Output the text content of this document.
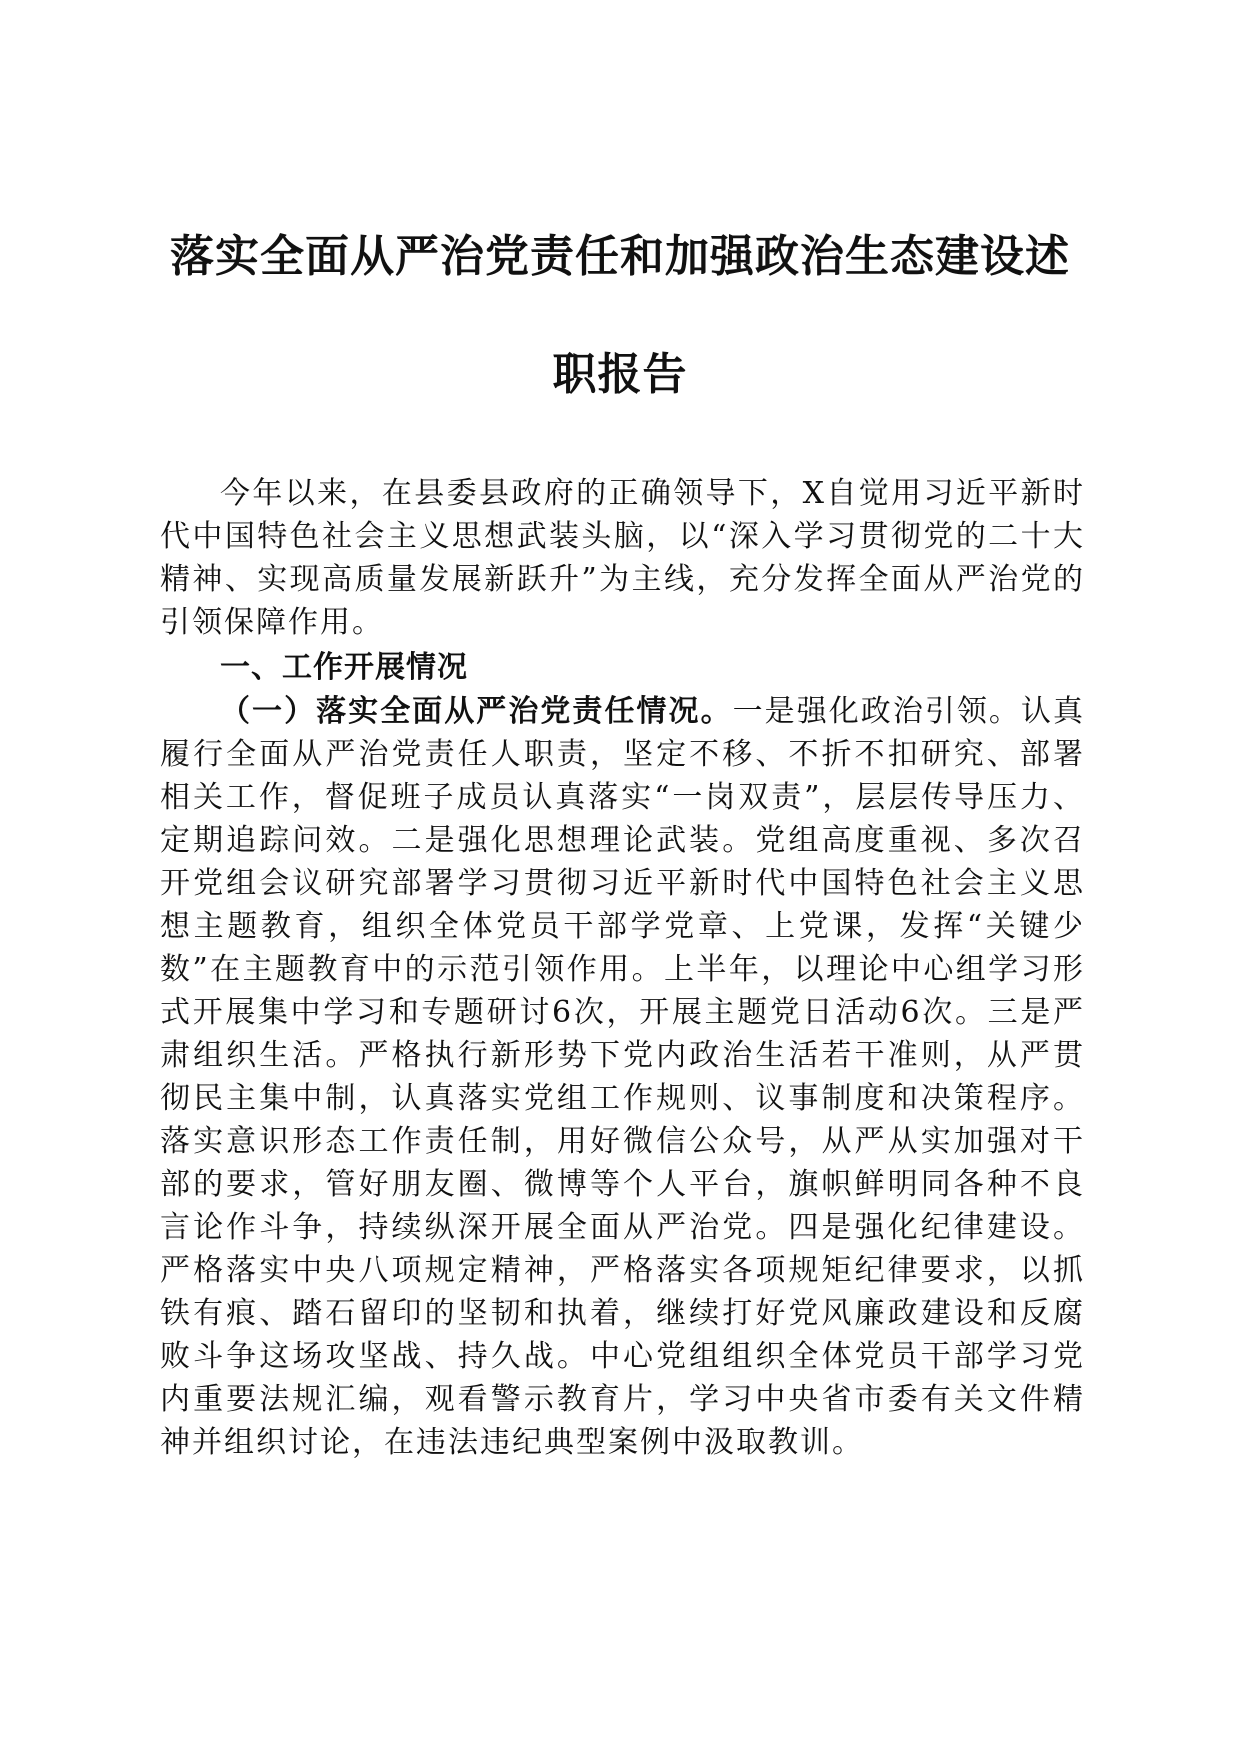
落实全面从严治党责任和加强政治生态建设述
职报告

今年以来，在县委县政府的正确领导下，X自觉用习近平新时代中国特色社会主义思想武装头脑，以“深入学习贯彻党的二十大精神、实现高质量发展新跃升”为主线，充分发挥全面从严治党的引领保障作用。

一、工作开展情况

（一）落实全面从严治党责任情况。一是强化政治引领。认真履行全面从严治党责任人职责，坚定不移、不折不扣研究、部署相关工作，督促班子成员认真落实“一岗双责”，层层传导压力、定期追踪问效。二是强化思想理论武装。党组高度重视、多次召开党组会议研究部署学习贯彻习近平新时代中国特色社会主义思想主题教育，组织全体党员干部学党章、上党课，发挥“关键少数”在主题教育中的示范引领作用。上半年，以理论中心组学习形式开展集中学习和专题研讨6次，开展主题党日活动6次。三是严肃组织生活。严格执行新形势下党内政治生活若干准则，从严贯彻民主集中制，认真落实党组工作规则、议事制度和决策程序。落实意识形态工作责任制，用好微信公众号，从严从实加强对干部的要求，管好朋友圈、微博等个人平台，旗帜鲜明同各种不良言论作斗争，持续纵深开展全面从严治党。四是强化纪律建设。严格落实中央八项规定精神，严格落实各项规矩纪律要求，以抓铁有痕、踏石留印的坚韧和执着，继续打好党风廉政建设和反腐败斗争这场攻坚战、持久战。中心党组组织全体党员干部学习党内重要法规汇编，观看警示教育片，学习中央省市委有关文件精神并组织讨论，在违法违纪典型案例中汲取教训。
